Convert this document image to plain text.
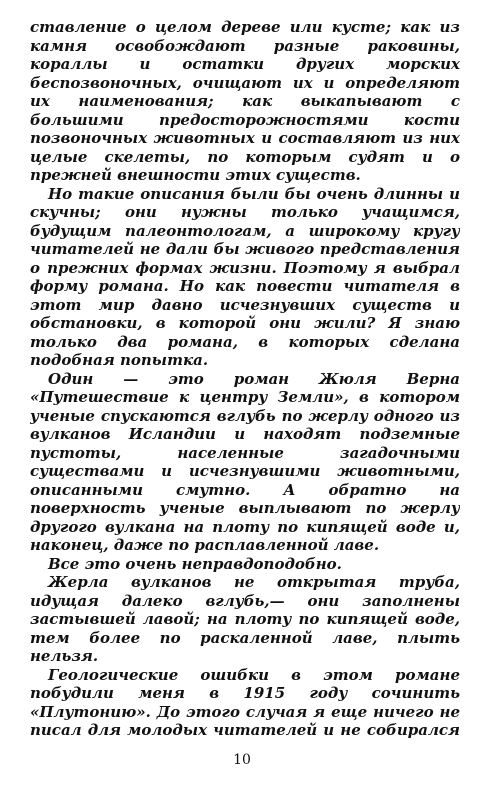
ставление о целом дереве или кусте; как из камня освобождают разные раковины, кораллы и остатки других морских беспозвоночных, очищают их и определяют их наименования; как выкапывают с большими предосторожностями кости позвоночных животных и составляют из них целые скелеты, по которым судят и о прежней внешности этих существ.

Но такие описания были бы очень длинны и скучны; они нужны только учащимся, будущим палеонтологам, а широкому кругу читателей не дали бы живого представления о прежних формах жизни. Поэтому я выбрал форму романа. Но как повести читателя в этот мир давно исчезнувших существ и обстановки, в которой они жили? Я знаю только два романа, в которых сделана подобная попытка.

Один — это роман Жюля Верна «Путешествие к центру Земли», в котором ученые спускаются вглубь по жерлу одного из вулканов Исландии и находят подземные пустоты, населенные загадочными существами и исчезнувшими животными, описанными смутно. А обратно на поверхность ученые выплывают по жерлу другого вулкана на плоту по кипящей воде и, наконец, даже по расплавленной лаве.

Все это очень неправдоподобно.

Жерла вулканов не открытая труба, идущая далеко вглубь,— они заполнены застывшей лавой; на плоту по кипящей воде, тем более по раскаленной лаве, плыть нельзя.

Геологические ошибки в этом романе побудили меня в 1915 году сочинить «Плутонию». До этого случая я еще ничего не писал для молодых читателей и не собирался

10
